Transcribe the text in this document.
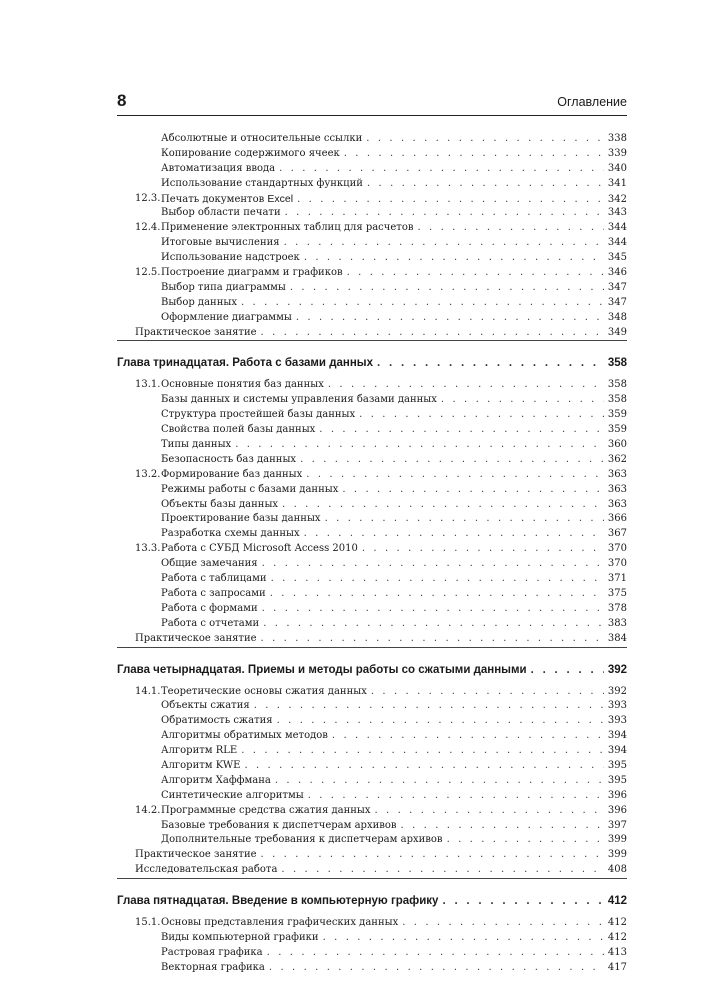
8	Оглавление
Абсолютные и относительные ссылки . . .	338
Копирование содержимого ячеек . . .	339
Автоматизация ввода . . .	340
Использование стандартных функций . . .	341
12.3. Печать документов Excel . . .	342
Выбор области печати . . .	343
12.4. Применение электронных таблиц для расчетов . . .	344
Итоговые вычисления . . .	344
Использование надстроек . . .	345
12.5. Построение диаграмм и графиков . . .	346
Выбор типа диаграммы . . .	347
Выбор данных . . .	347
Оформление диаграммы . . .	348
Практическое занятие . . .	349
Глава тринадцатая. Работа с базами данных . . .	358
13.1. Основные понятия баз данных . . .	358
Базы данных и системы управления базами данных . . .	358
Структура простейшей базы данных . . .	359
Свойства полей базы данных . . .	359
Типы данных . . .	360
Безопасность баз данных . . .	362
13.2. Формирование баз данных . . .	363
Режимы работы с базами данных . . .	363
Объекты базы данных . . .	363
Проектирование базы данных . . .	366
Разработка схемы данных . . .	367
13.3. Работа с СУБД Microsoft Access 2010 . . .	370
Общие замечания . . .	370
Работа с таблицами . . .	371
Работа с запросами . . .	375
Работа с формами . . .	378
Работа с отчетами . . .	383
Практическое занятие . . .	384
Глава четырнадцатая. Приемы и методы работы со сжатыми данными . . .	392
14.1. Теоретические основы сжатия данных . . .	392
Объекты сжатия . . .	393
Обратимость сжатия . . .	393
Алгоритмы обратимых методов . . .	394
Алгоритм RLE . . .	394
Алгоритм KWE . . .	395
Алгоритм Хаффмана . . .	395
Синтетические алгоритмы . . .	396
14.2. Программные средства сжатия данных . . .	396
Базовые требования к диспетчерам архивов . . .	397
Дополнительные требования к диспетчерам архивов . . .	399
Практическое занятие . . .	399
Исследовательская работа . . .	408
Глава пятнадцатая. Введение в компьютерную графику . . .	412
15.1. Основы представления графических данных . . .	412
Виды компьютерной графики . . .	412
Растровая графика . . .	413
Векторная графика . . .	417
